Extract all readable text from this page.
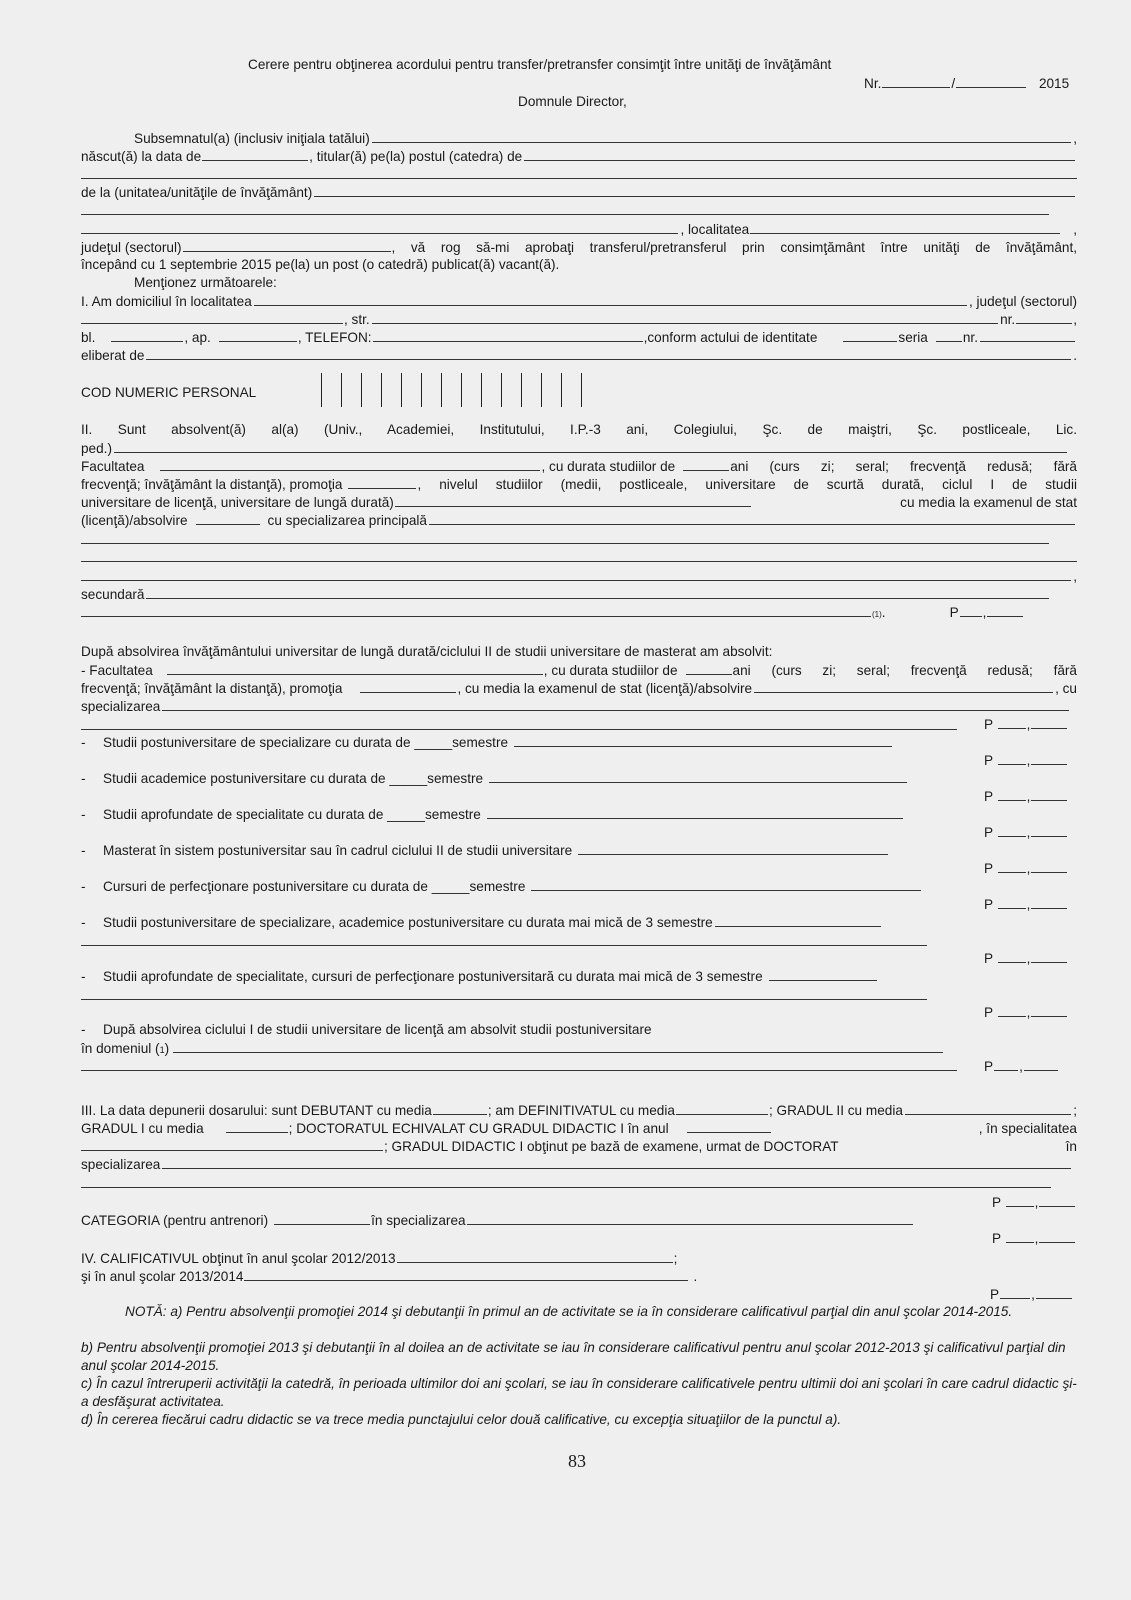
Cerere pentru obţinerea acordului pentru transfer/pretransfer consimţit între unităţi de învăţământ
Nr.	/	2015
Domnule Director,
Subsemnatul(a) (inclusiv iniţiala tatălui)	,
născut(ă) la data de	, titular(ă) pe(la) postul (catedra) de
de la (unitatea/unităţile de învăţământ)
, localitatea	,
judeţul (sectorul)	, vă rog să-mi aprobaţi transferul/pretransferul prin consimţământ între unităţi de învăţământ,
începând cu 1 septembrie 2015 pe(la) un post (o catedră) publicat(ă) vacant(ă).
Menţionez următoarele:
I. Am domiciliul în localitatea	, judeţul (sectorul)
, str.	nr.	,
bl.	, ap.	, TELEFON:	,conform actului de identitate	seria	nr.
eliberat de	.
COD NUMERIC PERSONAL
II. Sunt absolvent(ă) al(a) (Univ., Academiei, Institutului, I.P.-3 ani, Colegiului, Şc. de maiştri, Şc. postliceale, Lic.
ped.)
Facultatea	, cu durata studiilor de	ani (curs zi; seral; frecvenţă redusă; fără
frecvenţă; învăţământ la distanţă), promoţia	, nivelul studiilor (medii, postliceale, universitare de scurtă durată, ciclul I de studii
universitare de licenţă, universitare de lungă durată)	cu media la examenul de stat
(licenţă)/absolvire	cu specializarea principală
,
secundară
$_{(1)}$ .	P ,
După absolvirea învăţământului universitar de lungă durată/ciclului II de studii universitare de masterat am absolvit:
- Facultatea	, cu durata studiilor de	ani (curs zi; seral; frecvenţă redusă; fără
frecvenţă; învăţământ la distanţă), promoţia	, cu media la examenul de stat (licenţă)/absolvire	, cu
specializarea
P ,
-	Studii postuniversitare de specializare cu durata de _____semestre
P ,
-	Studii academice postuniversitare cu durata de _____semestre
P ,
-	Studii aprofundate de specialitate cu durata de _____semestre
P ,
-	Masterat în sistem postuniversitar sau în cadrul ciclului II de studii universitare
P ,
-	Cursuri de perfecţionare postuniversitare cu durata de _____semestre
P ,
-	Studii postuniversitare de specializare, academice postuniversitare cu durata mai mică de 3 semestre
P ,
-	Studii aprofundate de specialitate, cursuri de perfecţionare postuniversitară cu durata mai mică de 3 semestre
P ,
-	După absolvirea ciclului I de studii universitare de licenţă am absolvit studii postuniversitare
în domeniul ( 1 )
P ,
III. La data depunerii dosarului: sunt DEBUTANT cu media	; am DEFINITIVATUL cu media	; GRADUL II cu media	;
GRADUL I cu media	; DOCTORATUL ECHIVALAT CU GRADUL DIDACTIC I în anul	, în specialitatea
; GRADUL DIDACTIC I obţinut pe bază de examene, urmat de DOCTORAT	în
specializarea
P ,
CATEGORIA (pentru antrenori)	în specializarea
P ,
IV. CALIFICATIVUL obţinut în anul şcolar 2012/2013	;
şi în anul şcolar 2013/2014	.
P ,
NOTĂ: a) Pentru absolvenţii promoţiei 2014 şi debutanţii în primul an de activitate se ia în considerare calificativul parţial din anul şcolar 2014-2015.
b) Pentru absolvenţii promoţiei 2013 şi debutanţii în al doilea an de activitate se iau în considerare calificativul pentru anul şcolar 2012-2013 şi calificativul parţial din anul şcolar 2014-2015.
c) În cazul întreruperii activităţii la catedră, în perioada ultimilor doi ani şcolari, se iau în considerare calificativele pentru ultimii doi ani şcolari în care cadrul didactic şi-a desfăşurat activitatea.
d) În cererea fiecărui cadru didactic se va trece media punctajului celor două calificative, cu excepţia situaţiilor de la punctul a).
83
